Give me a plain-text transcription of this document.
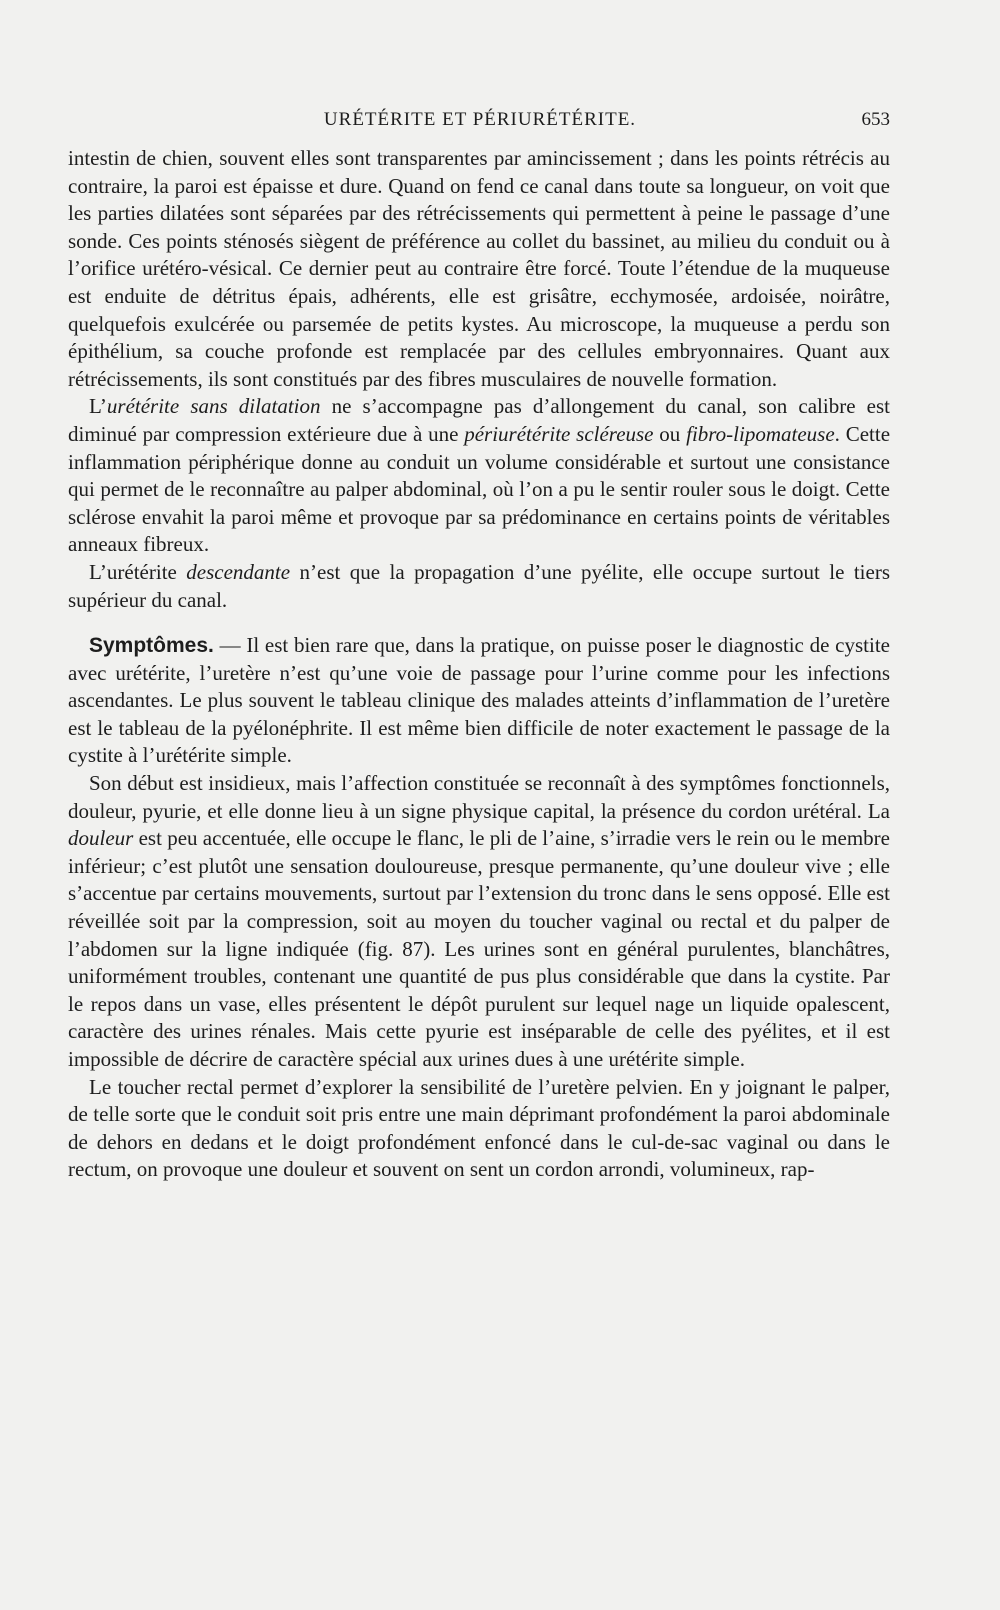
URÉTÉRITE ET PÉRIURÉTÉRITE.	653

intestin de chien, souvent elles sont transparentes par amincissement ; dans les points rétrécis au contraire, la paroi est épaisse et dure. Quand on fend ce canal dans toute sa longueur, on voit que les parties dilatées sont séparées par des rétrécissements qui permettent à peine le passage d’une sonde. Ces points sténosés siègent de préférence au collet du bassinet, au milieu du conduit ou à l’orifice urétéro-vésical. Ce dernier peut au contraire être forcé. Toute l’étendue de la muqueuse est enduite de détritus épais, adhérents, elle est grisâtre, ecchymosée, ardoisée, noirâtre, quelquefois exulcérée ou parsemée de petits kystes. Au microscope, la muqueuse a perdu son épithélium, sa couche profonde est remplacée par des cellules embryonnaires. Quant aux rétrécissements, ils sont constitués par des fibres musculaires de nouvelle formation.

L’urétérite sans dilatation ne s’accompagne pas d’allongement du canal, son calibre est diminué par compression extérieure due à une périurétérite scléreuse ou fibro-lipomateuse. Cette inflammation périphérique donne au conduit un volume considérable et surtout une consistance qui permet de le reconnaître au palper abdominal, où l’on a pu le sentir rouler sous le doigt. Cette sclérose envahit la paroi même et provoque par sa prédominance en certains points de véritables anneaux fibreux.

L’urétérite descendante n’est que la propagation d’une pyélite, elle occupe surtout le tiers supérieur du canal.

Symptômes. — Il est bien rare que, dans la pratique, on puisse poser le diagnostic de cystite avec urétérite, l’uretère n’est qu’une voie de passage pour l’urine comme pour les infections ascendantes. Le plus souvent le tableau clinique des malades atteints d’inflammation de l’uretère est le tableau de la pyélonéphrite. Il est même bien difficile de noter exactement le passage de la cystite à l’urétérite simple.

Son début est insidieux, mais l’affection constituée se reconnaît à des symptômes fonctionnels, douleur, pyurie, et elle donne lieu à un signe physique capital, la présence du cordon urétéral. La douleur est peu accentuée, elle occupe le flanc, le pli de l’aine, s’irradie vers le rein ou le membre inférieur; c’est plutôt une sensation douloureuse, presque permanente, qu’une douleur vive ; elle s’accentue par certains mouvements, surtout par l’extension du tronc dans le sens opposé. Elle est réveillée soit par la compression, soit au moyen du toucher vaginal ou rectal et du palper de l’abdomen sur la ligne indiquée (fig. 87). Les urines sont en général purulentes, blanchâtres, uniformément troubles, contenant une quantité de pus plus considérable que dans la cystite. Par le repos dans un vase, elles présentent le dépôt purulent sur lequel nage un liquide opalescent, caractère des urines rénales. Mais cette pyurie est inséparable de celle des pyélites, et il est impossible de décrire de caractère spécial aux urines dues à une urétérite simple.

Le toucher rectal permet d’explorer la sensibilité de l’uretère pelvien. En y joignant le palper, de telle sorte que le conduit soit pris entre une main déprimant profondément la paroi abdominale de dehors en dedans et le doigt profondément enfoncé dans le cul-de-sac vaginal ou dans le rectum, on provoque une douleur et souvent on sent un cordon arrondi, volumineux, rap-
